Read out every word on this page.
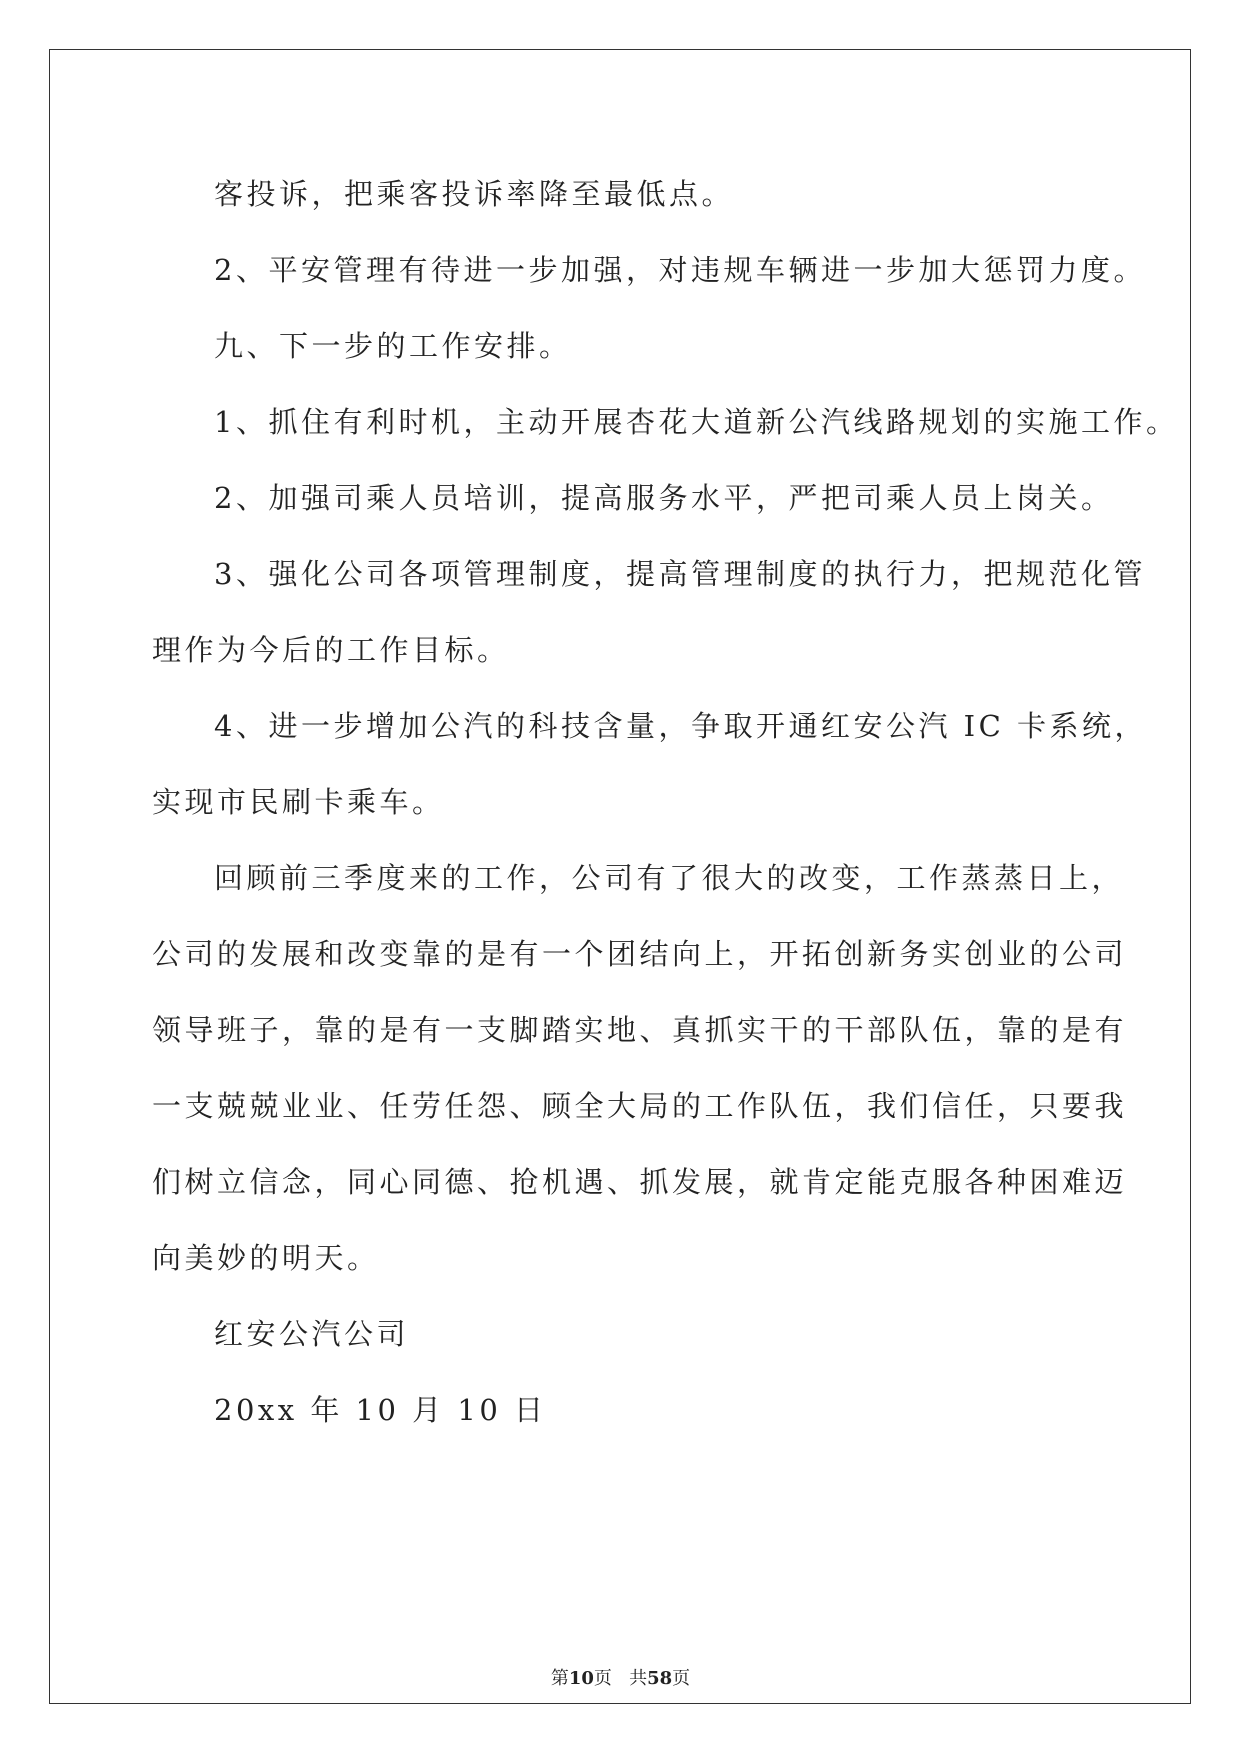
客投诉，把乘客投诉率降至最低点。
2、平安管理有待进一步加强，对违规车辆进一步加大惩罚力度。
九、下一步的工作安排。
1、抓住有利时机，主动开展杏花大道新公汽线路规划的实施工作。
2、加强司乘人员培训，提高服务水平，严把司乘人员上岗关。
3、强化公司各项管理制度，提高管理制度的执行力，把规范化管
理作为今后的工作目标。
4、进一步增加公汽的科技含量，争取开通红安公汽 IC 卡系统，
实现市民刷卡乘车。
回顾前三季度来的工作，公司有了很大的改变，工作蒸蒸日上，
公司的发展和改变靠的是有一个团结向上，开拓创新务实创业的公司
领导班子，靠的是有一支脚踏实地、真抓实干的干部队伍，靠的是有
一支兢兢业业、任劳任怨、顾全大局的工作队伍，我们信任，只要我
们树立信念，同心同德、抢机遇、抓发展，就肯定能克服各种困难迈
向美妙的明天。
红安公汽公司
20xx 年 10 月 10 日
第10页 共58页
